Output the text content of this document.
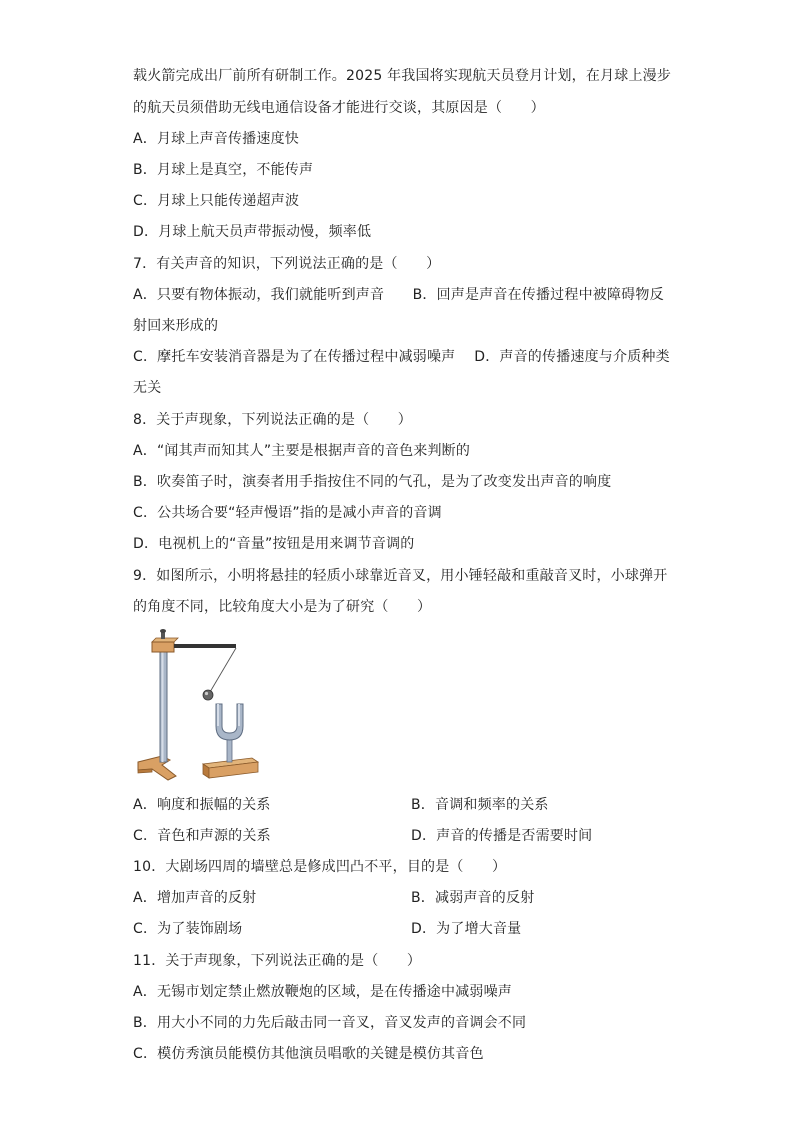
载火箭完成出厂前所有研制工作。2025 年我国将实现航天员登月计划，在月球上漫步
的航天员须借助无线电通信设备才能进行交谈，其原因是（　　）
A．月球上声音传播速度快
B．月球上是真空，不能传声
C．月球上只能传递超声波
D．月球上航天员声带振动慢，频率低
7．有关声音的知识，下列说法正确的是（　　）
A．只要有物体振动，我们就能听到声音　　B．回声是声音在传播过程中被障碍物反
射回来形成的
C．摩托车安装消音器是为了在传播过程中减弱噪声　 D．声音的传播速度与介质种类
无关
8．关于声现象，下列说法正确的是（　　）
A．“闻其声而知其人”主要是根据声音的音色来判断的
B．吹奏笛子时，演奏者用手指按住不同的气孔，是为了改变发出声音的响度
C．公共场合要“轻声慢语”指的是减小声音的音调
D．电视机上的“音量”按钮是用来调节音调的
9．如图所示，小明将悬挂的轻质小球靠近音叉，用小锤轻敲和重敲音叉时，小球弹开
的角度不同，比较角度大小是为了研究（　　）
A．响度和振幅的关系	B．音调和频率的关系
C．音色和声源的关系	D．声音的传播是否需要时间
10．大剧场四周的墙壁总是修成凹凸不平，目的是（　　）
A．增加声音的反射	B．减弱声音的反射
C．为了装饰剧场	D．为了增大音量
11．关于声现象，下列说法正确的是（　　）
A．无锡市划定禁止燃放鞭炮的区域，是在传播途中减弱噪声
B．用大小不同的力先后敲击同一音叉，音叉发声的音调会不同
C．模仿秀演员能模仿其他演员唱歌的关键是模仿其音色
